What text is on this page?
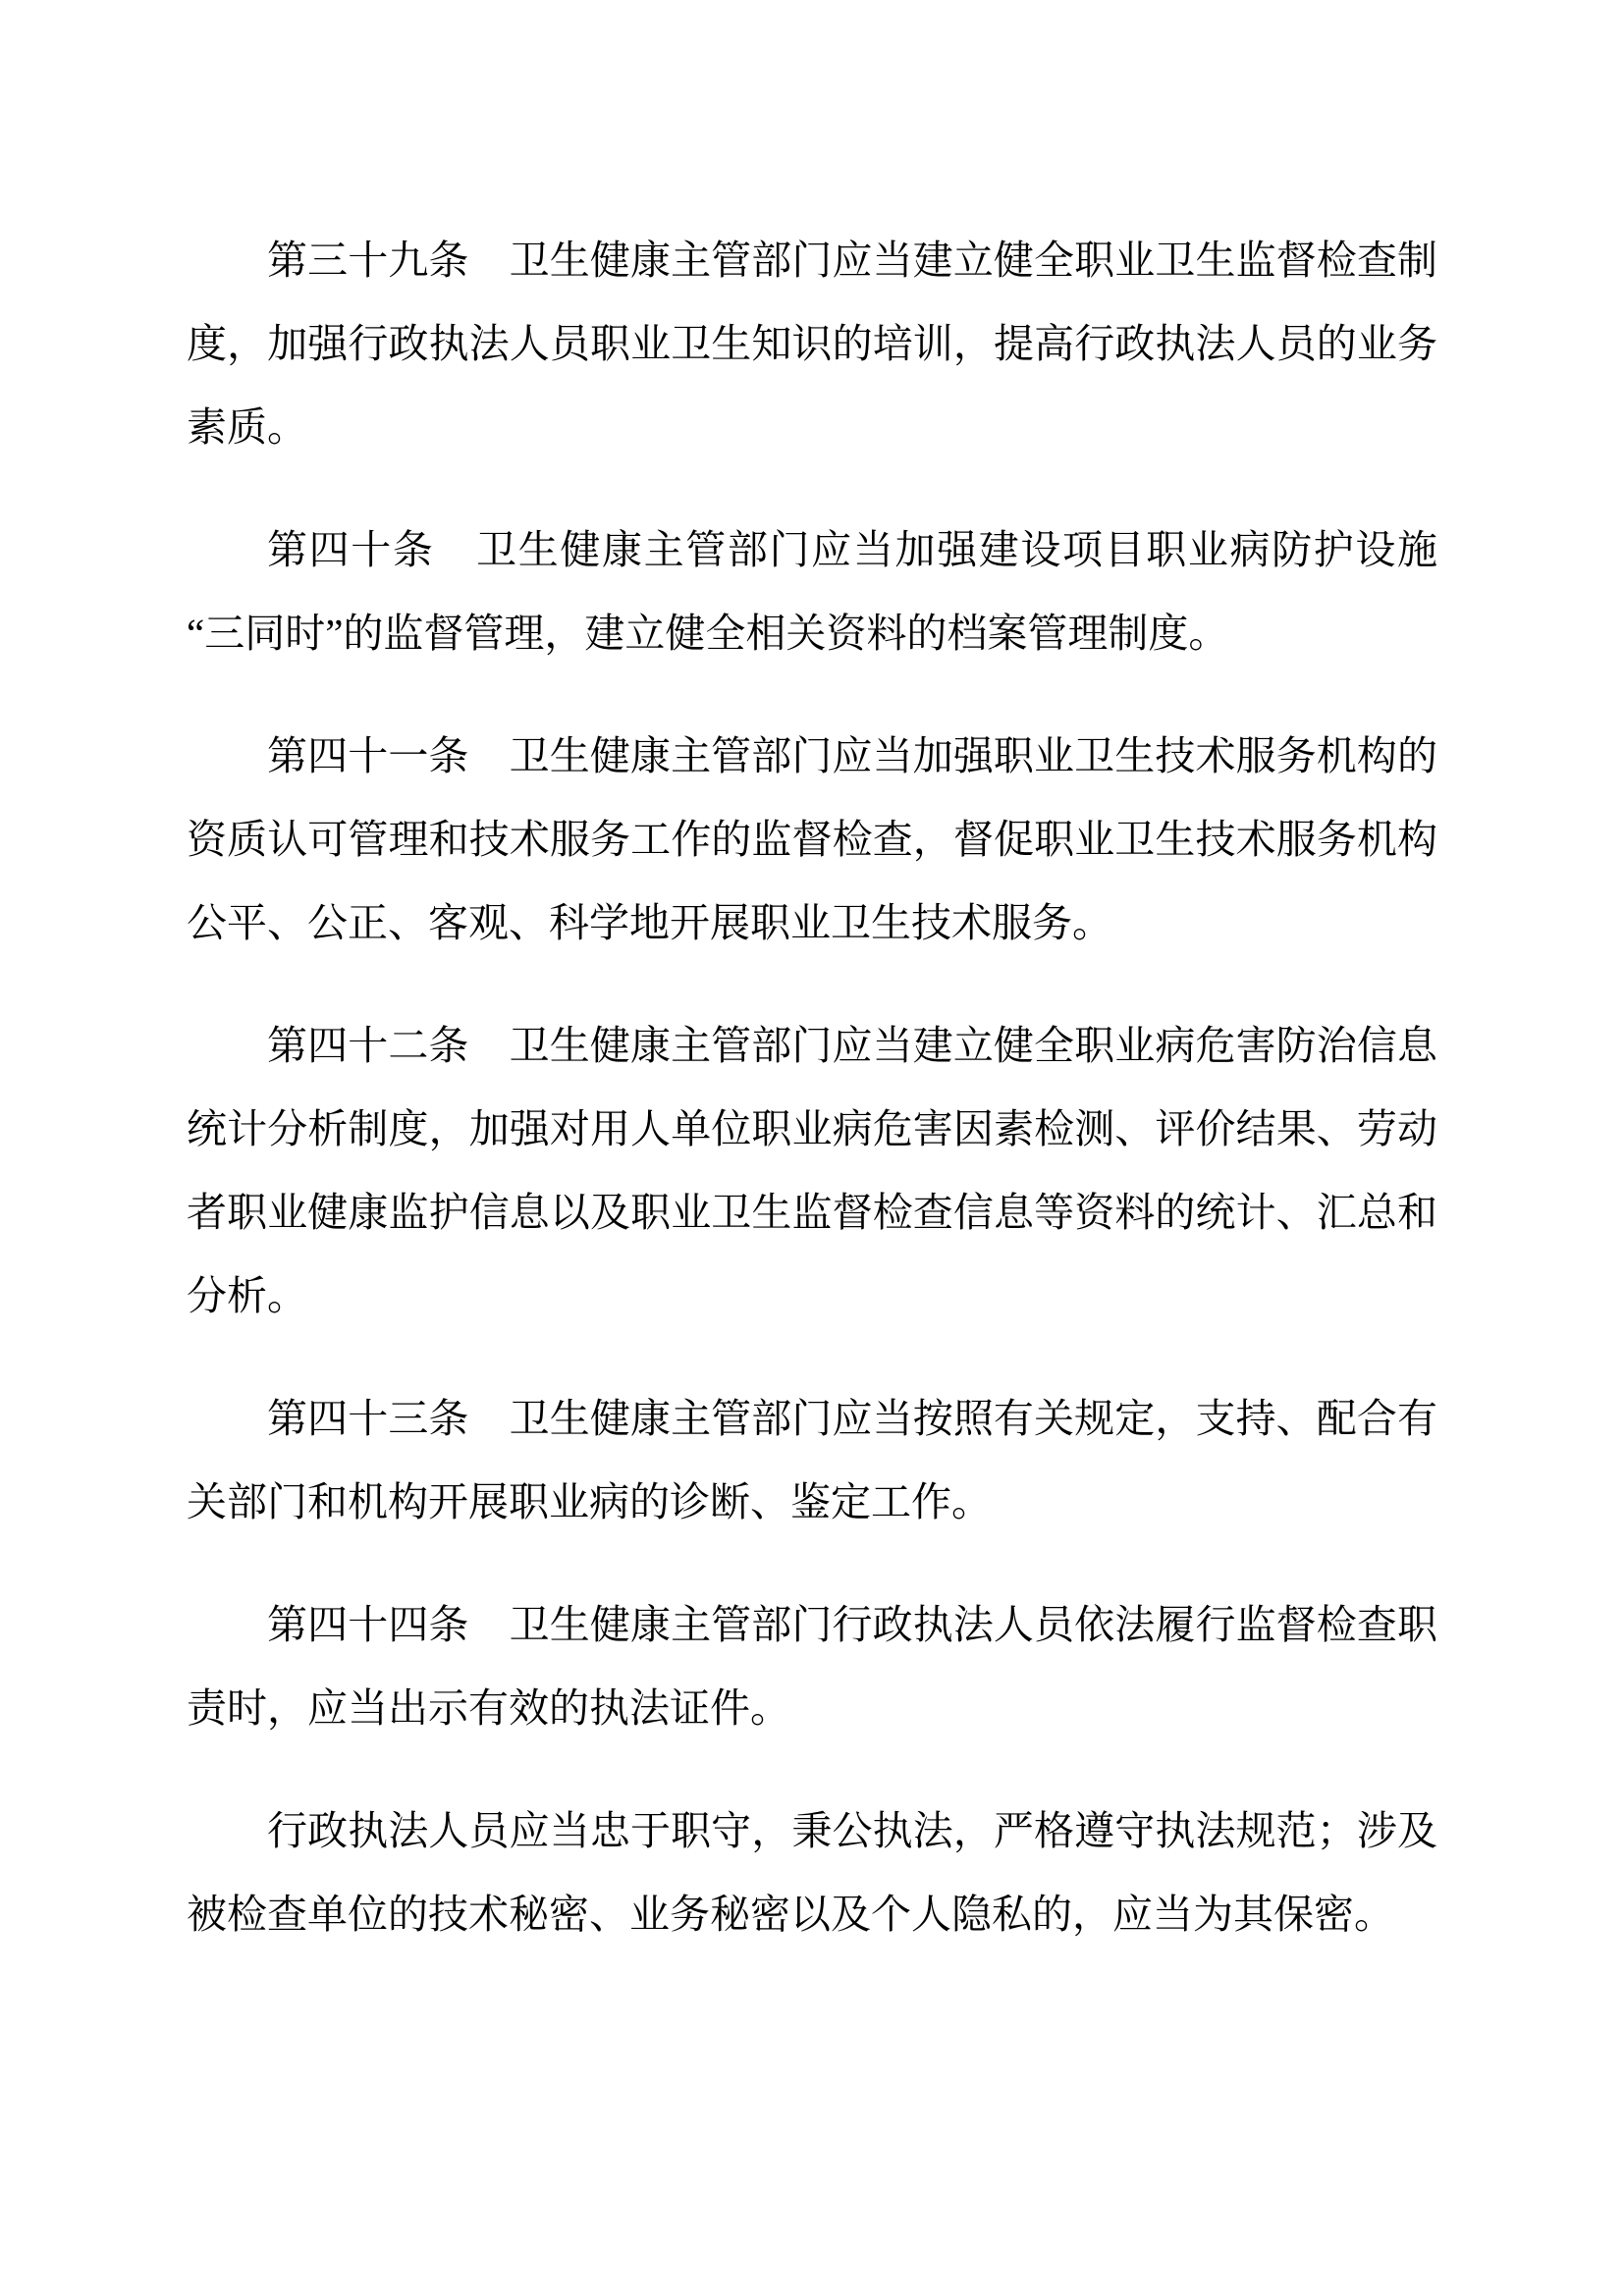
第三十九条　卫生健康主管部门应当建立健全职业卫生监督检查制度，加强行政执法人员职业卫生知识的培训，提高行政执法人员的业务素质。

第四十条　卫生健康主管部门应当加强建设项目职业病防护设施“三同时”的监督管理，建立健全相关资料的档案管理制度。

第四十一条　卫生健康主管部门应当加强职业卫生技术服务机构的资质认可管理和技术服务工作的监督检查，督促职业卫生技术服务机构公平、公正、客观、科学地开展职业卫生技术服务。

第四十二条　卫生健康主管部门应当建立健全职业病危害防治信息统计分析制度，加强对用人单位职业病危害因素检测、评价结果、劳动者职业健康监护信息以及职业卫生监督检查信息等资料的统计、汇总和分析。

第四十三条　卫生健康主管部门应当按照有关规定，支持、配合有关部门和机构开展职业病的诊断、鉴定工作。

第四十四条　卫生健康主管部门行政执法人员依法履行监督检查职责时，应当出示有效的执法证件。

行政执法人员应当忠于职守，秉公执法，严格遵守执法规范；涉及被检查单位的技术秘密、业务秘密以及个人隐私的，应当为其保密。
